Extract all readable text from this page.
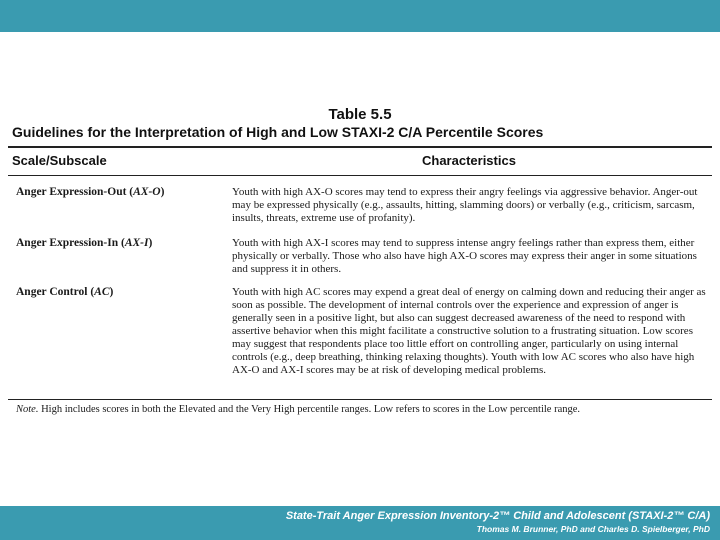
Table 5.5
Guidelines for the Interpretation of High and Low STAXI-2 C/A Percentile Scores
Scale/Subscale	Characteristics
Anger Expression-Out (AX-O)	Youth with high AX-O scores may tend to express their angry feelings via aggressive behavior. Anger-out may be expressed physically (e.g., assaults, hitting, slamming doors) or verbally (e.g., criticism, sarcasm, insults, threats, extreme use of profanity).
Anger Expression-In (AX-I)	Youth with high AX-I scores may tend to suppress intense angry feelings rather than express them, either physically or verbally. Those who also have high AX-O scores may express their anger in some situations and suppress it in others.
Anger Control (AC)	Youth with high AC scores may expend a great deal of energy on calming down and reducing their anger as soon as possible. The development of internal controls over the experience and expression of anger is generally seen in a positive light, but also can suggest decreased awareness of the need to respond with assertive behavior when this might facilitate a constructive solution to a frustrating situation. Low scores may suggest that respondents place too little effort on controlling anger, particularly on using internal controls (e.g., deep breathing, thinking relaxing thoughts). Youth with low AC scores who also have high AX-O and AX-I scores may be at risk of developing medical problems.
Note. High includes scores in both the Elevated and the Very High percentile ranges. Low refers to scores in the Low percentile range.
State-Trait Anger Expression Inventory-2™ Child and Adolescent (STAXI-2™ C/A)
Thomas M. Brunner, PhD and Charles D. Spielberger, PhD
